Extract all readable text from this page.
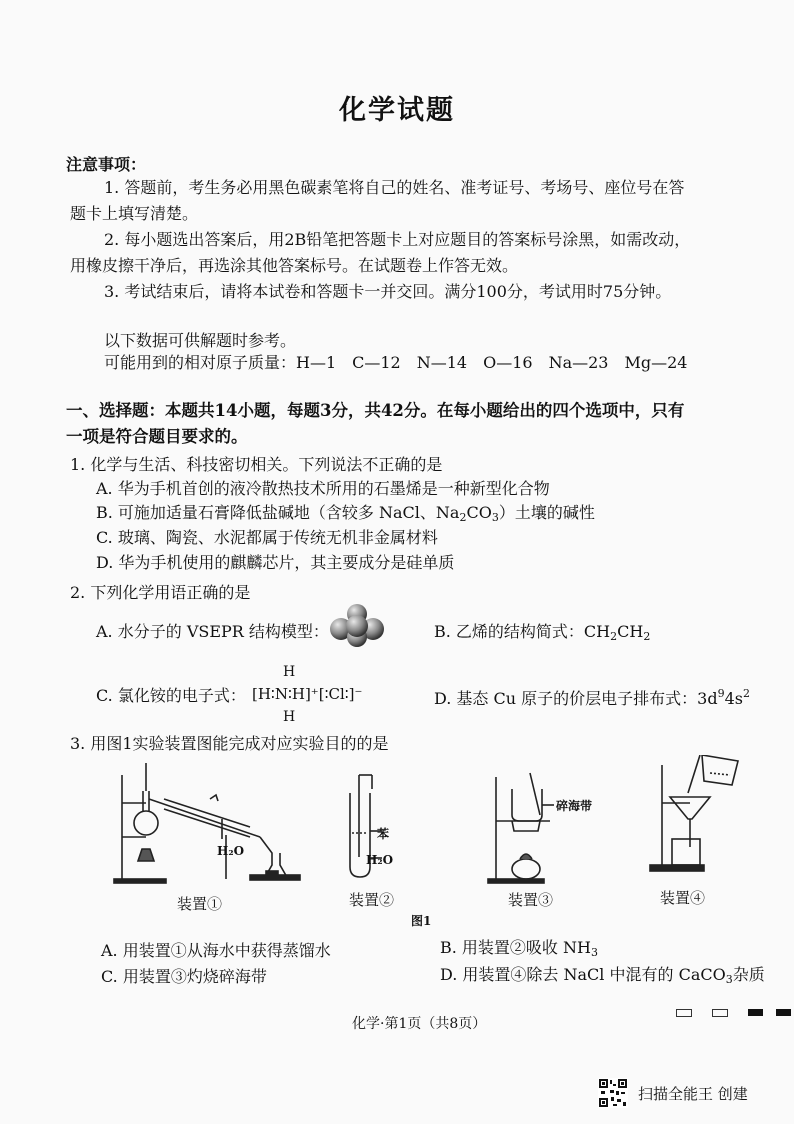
化学试题
注意事项：
1. 答题前，考生务必用黑色碳素笔将自己的姓名、准考证号、考场号、座位号在答
题卡上填写清楚。
2. 每小题选出答案后，用2B铅笔把答题卡上对应题目的答案标号涂黑，如需改动，
用橡皮擦干净后，再选涂其他答案标号。在试题卷上作答无效。
3. 考试结束后，请将本试卷和答题卡一并交回。满分100分，考试用时75分钟。
以下数据可供解题时参考。
可能用到的相对原子质量：H—1　C—12　N—14　O—16　Na—23　Mg—24
一、选择题：本题共14小题，每题3分，共42分。在每小题给出的四个选项中，只有
一项是符合题目要求的。
1. 化学与生活、科技密切相关。下列说法不正确的是
A. 华为手机首创的液冷散热技术所用的石墨烯是一种新型化合物
B. 可施加适量石膏降低盐碱地（含较多 NaCl、$Na_2CO_3$）土壤的碱性
C. 玻璃、陶瓷、水泥都属于传统无机非金属材料
D. 华为手机使用的麒麟芯片，其主要成分是硅单质
2. 下列化学用语正确的是
A. 水分子的 VSEPR 结构模型：	B. 乙烯的结构简式：$CH_2CH_2$
C. 氯化铵的电子式：
H
[H∶N∶H]⁺[∶Cl∶]⁻
H
D. 基态 Cu 原子的价层电子排布式：$3d^94s^2$
3. 用图1实验装置图能完成对应实验目的的是
苯
H₂O
H₂O
碎海带
装置①	装置②	装置③	装置④
图1
A. 用装置①从海水中获得蒸馏水	B. 用装置②吸收 $NH_3$
C. 用装置③灼烧碎海带	D. 用装置④除去 NaCl 中混有的 CaCO$_3$杂质
化学·第1页（共8页）
扫描全能王 创建
